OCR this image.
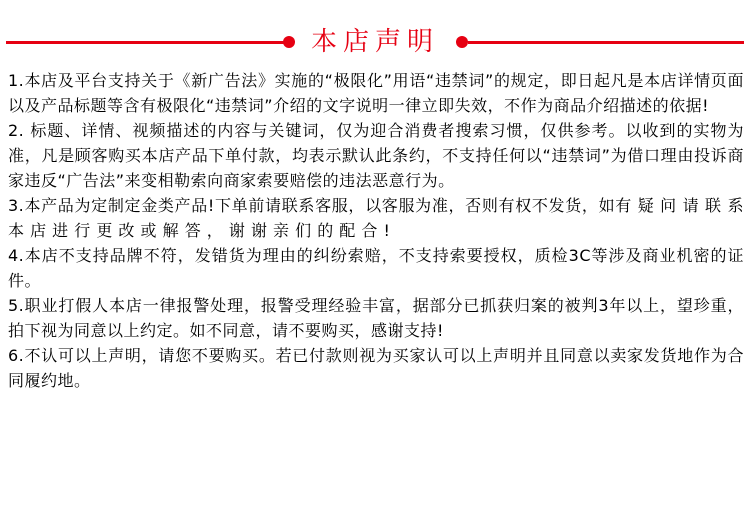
本店声明

1.本店及平台支持关于《新广告法》实施的“极限化”用语“违禁词”的规定，即日起凡是本店详情页面以及产品标题等含有极限化“违禁词”介绍的文字说明一律立即失效，不作为商品介绍描述的依据!

2. 标题、详情、视频描述的内容与关键词，仅为迎合消费者搜索习惯，仅供参考。以收到的实物为准，凡是顾客购买本店产品下单付款，均表示默认此条约，不支持任何以“违禁词”为借口理由投诉商家违反“广告法”来变相勒索向商家索要赔偿的违法恶意行为。

3.本产品为定制定金类产品!下单前请联系客服，以客服为准，否则有权不发货，如有 疑 问 请 联 系 本 店 进 行 更 改 或 解 答 ， 谢 谢 亲 们 的 配 合 !

4.本店不支持品牌不符，发错货为理由的纠纷索赔，不支持索要授权，质检3C等涉及商业机密的证件。

5.职业打假人本店一律报警处理，报警受理经验丰富，据部分已抓获归案的被判3年以上，望珍重，拍下视为同意以上约定。如不同意，请不要购买，感谢支持!

6.不认可以上声明，请您不要购买。若已付款则视为买家认可以上声明并且同意以卖家发货地作为合同履约地。
